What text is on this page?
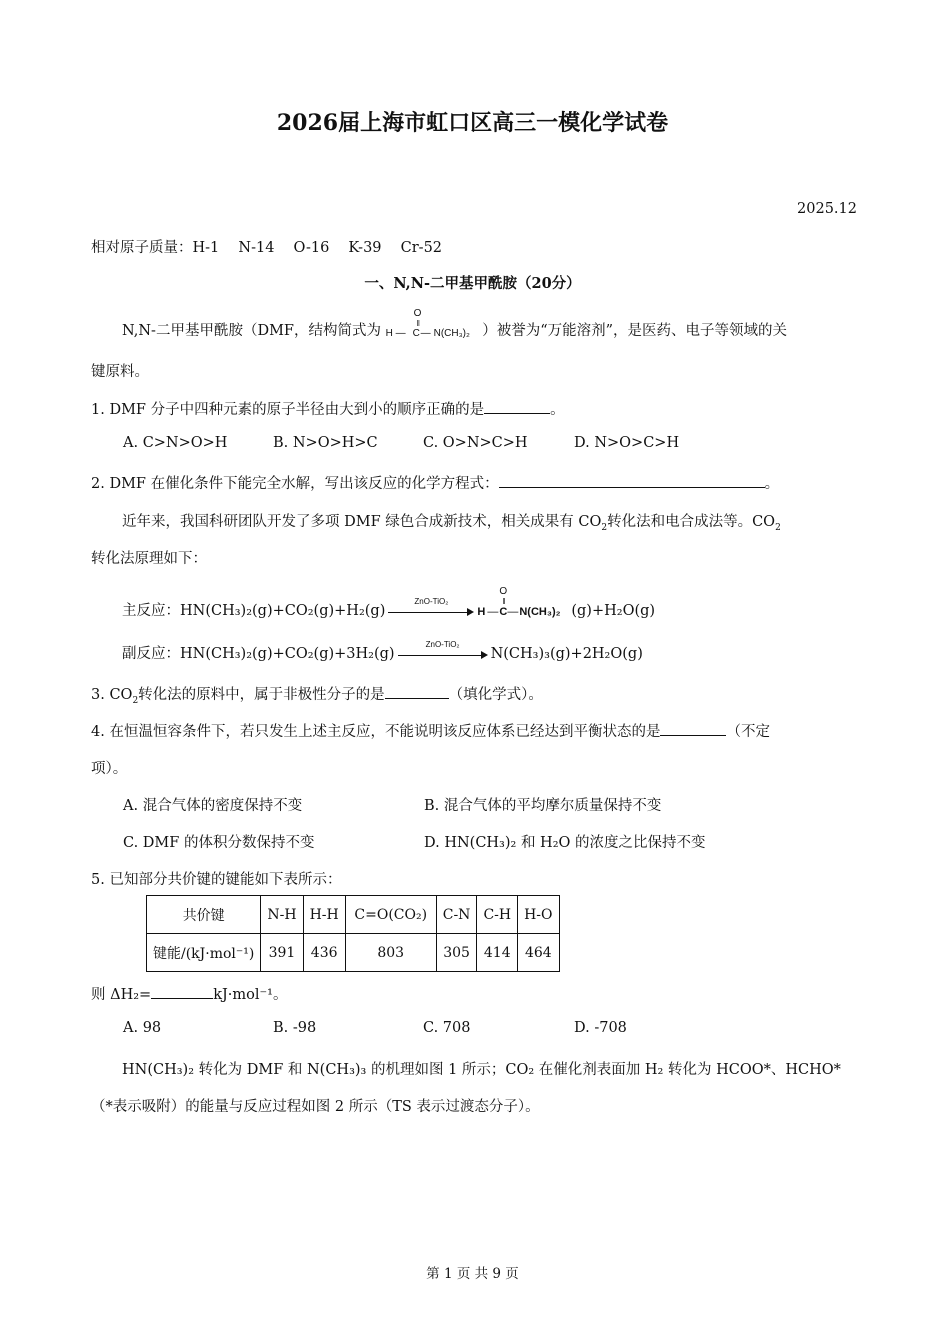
2026届上海市虹口区高三一模化学试卷
2025.12
相对原子质量：H-1　 N-14　 O-16　 K-39　 Cr-52
一、N,N-二甲基甲酰胺（20分）
N,N-二甲基甲酰胺（DMF，结构简式为
O
‖
H — C — N(CH₃)₂ ）被誉为“万能溶剂”，是医药、电子等领域的关
键原料。
1. DMF 分子中四种元素的原子半径由大到小的顺序正确的是	。
A. C>N>O>H	B. N>O>H>C	C. O>N>C>H	D. N>O>C>H
2. DMF 在催化条件下能完全水解，写出该反应的化学方程式：	。
近年来，我国科研团队开发了多项 DMF 绿色合成新技术，相关成果有 $CO_2$转化法和电合成法等。$CO_2$
转化法原理如下：
主反应：HN(CH₃)₂(g)+CO₂(g)+H₂(g)
ZnO-TiO₂
O
‖
H — C — N(CH₃)₂ (g)+H₂O(g)
副反应：HN(CH₃)₂(g)+CO₂(g)+3H₂(g)
ZnO-TiO₂
N(CH₃)₃(g)+2H₂O(g)
3. $CO_2$转化法的原料中，属于非极性分子的是	（填化学式）。
4. 在恒温恒容条件下，若只发生上述主反应，不能说明该反应体系已经达到平衡状态的是	（不定
项）。
A. 混合气体的密度保持不变	B. 混合气体的平均摩尔质量保持不变
C. DMF 的体积分数保持不变	D. HN(CH₃)₂ 和 H₂O 的浓度之比保持不变
5. 已知部分共价键的键能如下表所示：
共价键	N-H	H-H	C=O(CO₂)	C-N	C-H	H-O
键能/(kJ·mol⁻¹)	391	436	803	305	414	464
则 ΔH₂=	kJ·mol⁻¹。
A. 98	B. -98	C. 708	D. -708
HN(CH₃)₂ 转化为 DMF 和 N(CH₃)₃ 的机理如图 1 所示；CO₂ 在催化剂表面加 H₂ 转化为 HCOO*、HCHO*
（*表示吸附）的能量与反应过程如图 2 所示（TS 表示过渡态分子）。
第 1 页 共 9 页
